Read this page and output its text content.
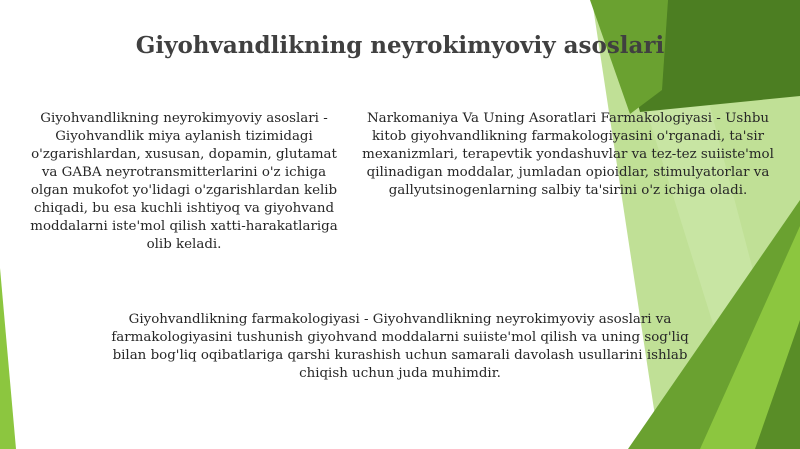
Giyohvandlikning neyrokimyoviy asoslari

Giyohvandlikning neyrokimyoviy asoslari - Giyohvandlik miya aylanish tizimidagi o'zgarishlardan, xususan, dopamin, glutamat va GABA neyrotransmitterlarini o'z ichiga olgan mukofot yo'lidagi o'zgarishlardan kelib chiqadi, bu esa kuchli ishtiyoq va giyohvand moddalarni iste'mol qilish xatti-harakatlariga olib keladi.

Narkomaniya Va Uning Asoratlari Farmakologiyasi - Ushbu kitob giyohvandlikning farmakologiyasini o'rganadi, ta'sir mexanizmlari, terapevtik yondashuvlar va tez-tez suiiste'mol qilinadigan moddalar, jumladan opioidlar, stimulyatorlar va gallyutsinogenlarning salbiy ta'sirini o'z ichiga oladi.

Giyohvandlikning farmakologiyasi - Giyohvandlikning neyrokimyoviy asoslari va farmakologiyasini tushunish giyohvand moddalarni suiiste'mol qilish va uning sog'liq bilan bog'liq oqibatlariga qarshi kurashish uchun samarali davolash usullarini ishlab chiqish uchun juda muhimdir.
